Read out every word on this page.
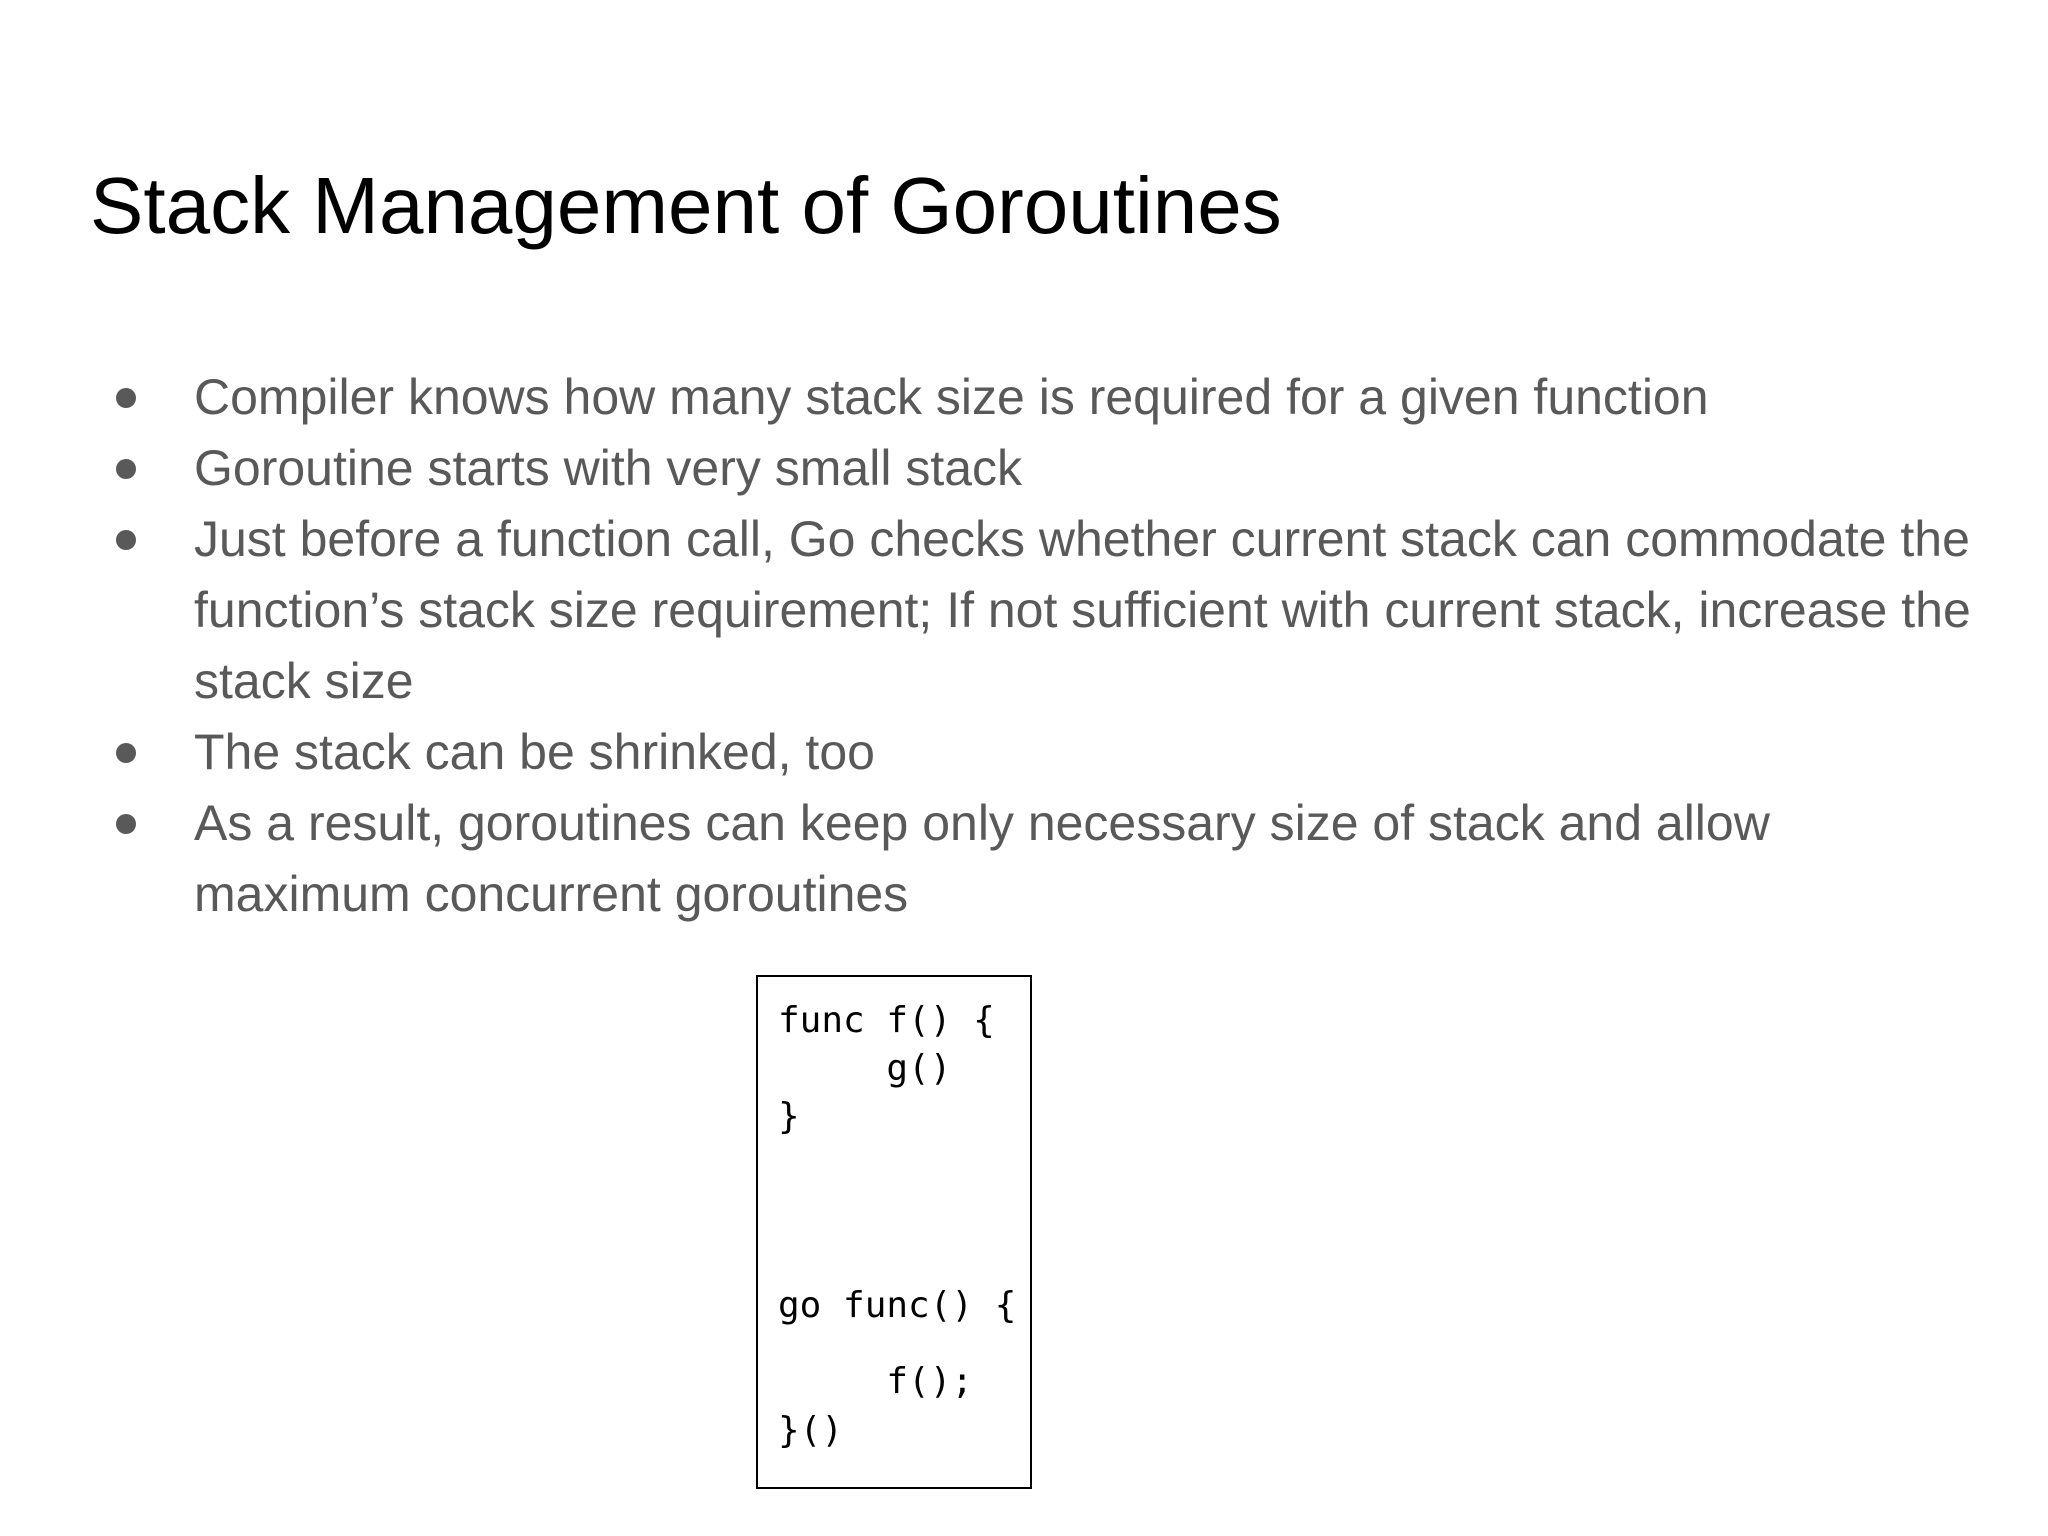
Stack Management of Goroutines
Compiler knows how many stack size is required for a given function
Goroutine starts with very small stack
Just before a function call, Go checks whether current stack can commodate the function’s stack size requirement; If not sufficient with current stack, increase the stack size
The stack can be shrinked, too
As a result, goroutines can keep only necessary size of stack and allow maximum concurrent goroutines
func f() {
g()
}
go func() {
f();
}()
